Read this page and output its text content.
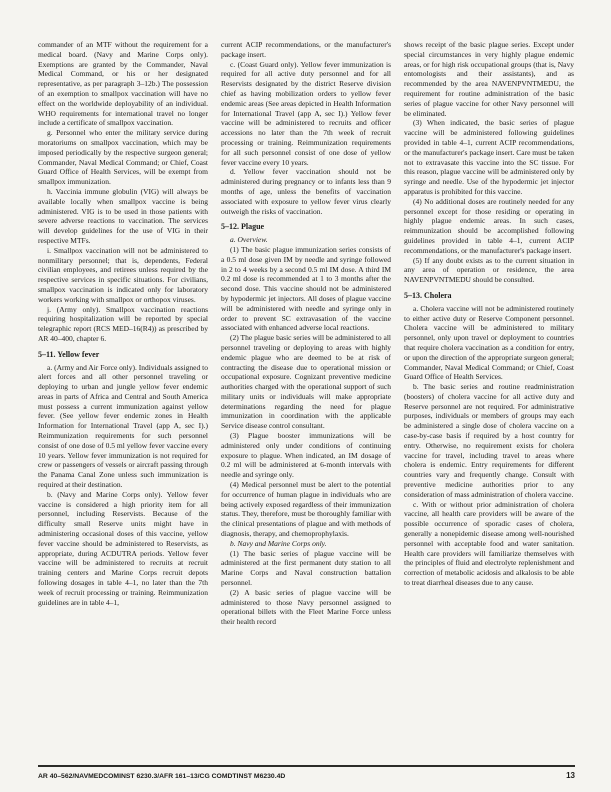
commander of an MTF without the requirement for a medical board. (Navy and Marine Corps only). Exemptions are granted by the Commander, Naval Medical Command, or his or her designated representative, as per paragraph 3–12b.) The possession of an exemption to smallpox vaccination will have no effect on the worldwide deployability of an individual. WHO requirements for international travel no longer include a certificate of smallpox vaccination.

g. Personnel who enter the military service during moratoriums on smallpox vaccination, which may be imposed periodically by the respective surgeon general; Commander, Naval Medical Command; or Chief, Coast Guard Office of Health Services, will be exempt from smallpox immunization.

h. Vaccinia immune globulin (VIG) will always be available locally when smallpox vaccine is being administered. VIG is to be used in those patients with severe adverse reactions to vaccination. The services will develop guidelines for the use of VIG in their respective MTFs.

i. Smallpox vaccination will not be administered to nonmilitary personnel; that is, dependents, Federal civilian employees, and retirees unless required by the respective services in specific situations. For civilians, smallpox vaccination is indicated only for laboratory workers working with smallpox or orthopox viruses.

j. (Army only). Smallpox vaccination reactions requiring hospitalization will be reported by special telegraphic report (RCS MED–16(R4)) as prescribed by AR 40–400, chapter 6.

5–11. Yellow fever

a. (Army and Air Force only). Individuals assigned to alert forces and all other personnel traveling or deploying to urban and jungle yellow fever endemic areas in parts of Africa and Central and South America must possess a current immunization against yellow fever. (See yellow fever endemic zones in Health Information for International Travel (app A, sec I).) Reimmunization requirements for such personnel consist of one dose of 0.5 ml yellow fever vaccine every 10 years. Yellow fever immunization is not required for crew or passengers of vessels or aircraft passing through the Panama Canal Zone unless such immunization is required at their destination.

b. (Navy and Marine Corps only). Yellow fever vaccine is considered a high priority item for all personnel, including Reservists. Because of the difficulty small Reserve units might have in administering occasional doses of this vaccine, yellow fever vaccine should be administered to Reservists, as appropriate, during ACDUTRA periods. Yellow fever vaccine will be administered to recruits at recruit training centers and Marine Corps recruit depots following dosages in table 4–1, no later than the 7th week of recruit processing or training. Reimmunization guidelines are in table 4–1,

current ACIP recommendations, or the manufacturer's package insert.

c. (Coast Guard only). Yellow fever immunization is required for all active duty personnel and for all Reservists designated by the district Reserve division chief as having mobilization orders to yellow fever endemic areas (See areas depicted in Health Information for International Travel (app A, sec I).) Yellow fever vaccine will be administered to recruits and officer accessions no later than the 7th week of recruit processing or training. Reimmunization requirements for all such personnel consist of one dose of yellow fever vaccine every 10 years.

d. Yellow fever vaccination should not be administered during pregnancy or to infants less than 9 months of age, unless the benefits of vaccination associated with exposure to yellow fever virus clearly outweigh the risks of vaccination.

5–12. Plague

a. Overview.

(1) The basic plague immunization series consists of a 0.5 ml dose given IM by needle and syringe followed in 2 to 4 weeks by a second 0.5 ml IM dose. A third IM 0.2 ml dose is recommended at 1 to 3 months after the second dose. This vaccine should not be administered by hypodermic jet injectors. All doses of plague vaccine will be administered with needle and syringe only in order to prevent SC extravasation of the vaccine associated with enhanced adverse local reactions.

(2) The plague basic series will be administered to all personnel traveling or deploying to areas with highly endemic plague who are deemed to be at risk of contracting the disease due to operational mission or occupational exposure. Cognizant preventive medicine authorities charged with the operational support of such military units or individuals will make appropriate determinations regarding the need for plague immunization in coordination with the applicable Service disease control consultant.

(3) Plague booster immunizations will be administered only under conditions of continuing exposure to plague. When indicated, an IM dosage of 0.2 ml will be administered at 6-month intervals with needle and syringe only.

(4) Medical personnel must be alert to the potential for occurrence of human plague in individuals who are being actively exposed regardless of their immunization status. They, therefore, must be thoroughly familiar with the clinical presentations of plague and with methods of diagnosis, therapy, and chemoprophylaxis.

b. Navy and Marine Corps only.

(1) The basic series of plague vaccine will be administered at the first permanent duty station to all Marine Corps and Naval construction battalion personnel.

(2) A basic series of plague vaccine will be administered to those Navy personnel assigned to operational billets with the Fleet Marine Force unless their health record

shows receipt of the basic plague series. Except under special circumstances in very highly plague endemic areas, or for high risk occupational groups (that is, Navy entomologists and their assistants), and as recommended by the area NAVENPVNTMEDU, the requirement for routine administration of the basic series of plague vaccine for other Navy personnel will be eliminated.

(3) When indicated, the basic series of plague vaccine will be administered following guidelines provided in table 4–1, current ACIP recommendations, or the manufacturer's package insert. Care must be taken not to extravasate this vaccine into the SC tissue. For this reason, plague vaccine will be administered only by syringe and needle. Use of the hypodermic jet injector apparatus is prohibited for this vaccine.

(4) No additional doses are routinely needed for any personnel except for those residing or operating in highly plague endemic areas. In such cases, reimmunization should be accomplished following guidelines provided in table 4–1, current ACIP recommendations, or the manufacturer's package insert.

(5) If any doubt exists as to the current situation in any area of operation or residence, the area NAVENPVNTMEDU should be consulted.

5–13. Cholera

a. Cholera vaccine will not be administered routinely to either active duty or Reserve Component personnel. Cholera vaccine will be administered to military personnel, only upon travel or deployment to countries that require cholera vaccination as a condition for entry, or upon the direction of the appropriate surgeon general; Commander, Naval Medical Command; or Chief, Coast Guard Office of Health Services.

b. The basic series and routine readministration (boosters) of cholera vaccine for all active duty and Reserve personnel are not required. For administrative purposes, individuals or members of groups may each be administered a single dose of cholera vaccine on a case-by-case basis if required by a host country for entry. Otherwise, no requirement exists for cholera vaccine for travel, including travel to areas where cholera is endemic. Entry requirements for different countries vary and frequently change. Consult with preventive medicine authorities prior to any consideration of mass administration of cholera vaccine.

c. With or without prior administration of cholera vaccine, all health care providers will be aware of the possible occurrence of sporadic cases of cholera, generally a nonepidemic disease among well-nourished personnel with acceptable food and water sanitation. Health care providers will familiarize themselves with the principles of fluid and electrolyte replenishment and correction of metabolic acidosis and alkalosis to be able to treat diarrheal diseases due to any cause.

AR 40–562/NAVMEDCOMINST 6230.3/AFR 161–13/CG COMDTINST M6230.4D	13
